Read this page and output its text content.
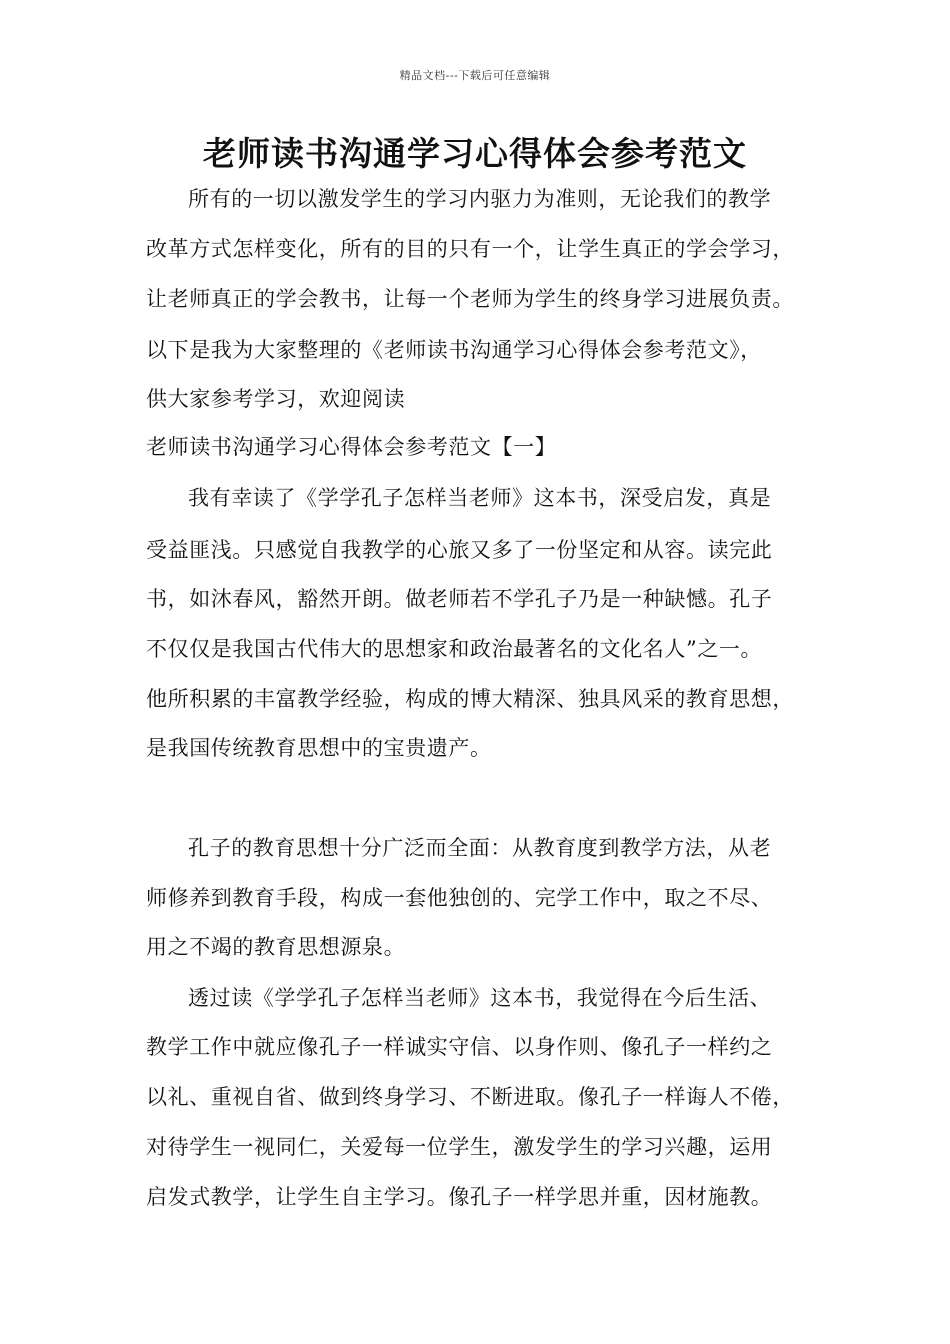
精品文档---下载后可任意编辑
老师读书沟通学习心得体会参考范文
所有的一切以激发学生的学习内驱力为准则，无论我们的教学
改革方式怎样变化，所有的目的只有一个，让学生真正的学会学习，
让老师真正的学会教书，让每一个老师为学生的终身学习进展负责。
以下是我为大家整理的《老师读书沟通学习心得体会参考范文》，
供大家参考学习，欢迎阅读
老师读书沟通学习心得体会参考范文【一】
我有幸读了《学学孔子怎样当老师》这本书，深受启发，真是
受益匪浅。只感觉自我教学的心旅又多了一份坚定和从容。读完此
书，如沐春风，豁然开朗。做老师若不学孔子乃是一种缺憾。孔子
不仅仅是我国古代伟大的思想家和政治最著名的文化名人”之一。
他所积累的丰富教学经验，构成的博大精深、独具风采的教育思想，
是我国传统教育思想中的宝贵遗产。
孔子的教育思想十分广泛而全面：从教育度到教学方法，从老
师修养到教育手段，构成一套他独创的、完学工作中，取之不尽、
用之不竭的教育思想源泉。
透过读《学学孔子怎样当老师》这本书，我觉得在今后生活、
教学工作中就应像孔子一样诚实守信、以身作则、像孔子一样约之
以礼、重视自省、做到终身学习、不断进取。像孔子一样诲人不倦，
对待学生一视同仁，关爱每一位学生，激发学生的学习兴趣，运用
启发式教学，让学生自主学习。像孔子一样学思并重，因材施教。
